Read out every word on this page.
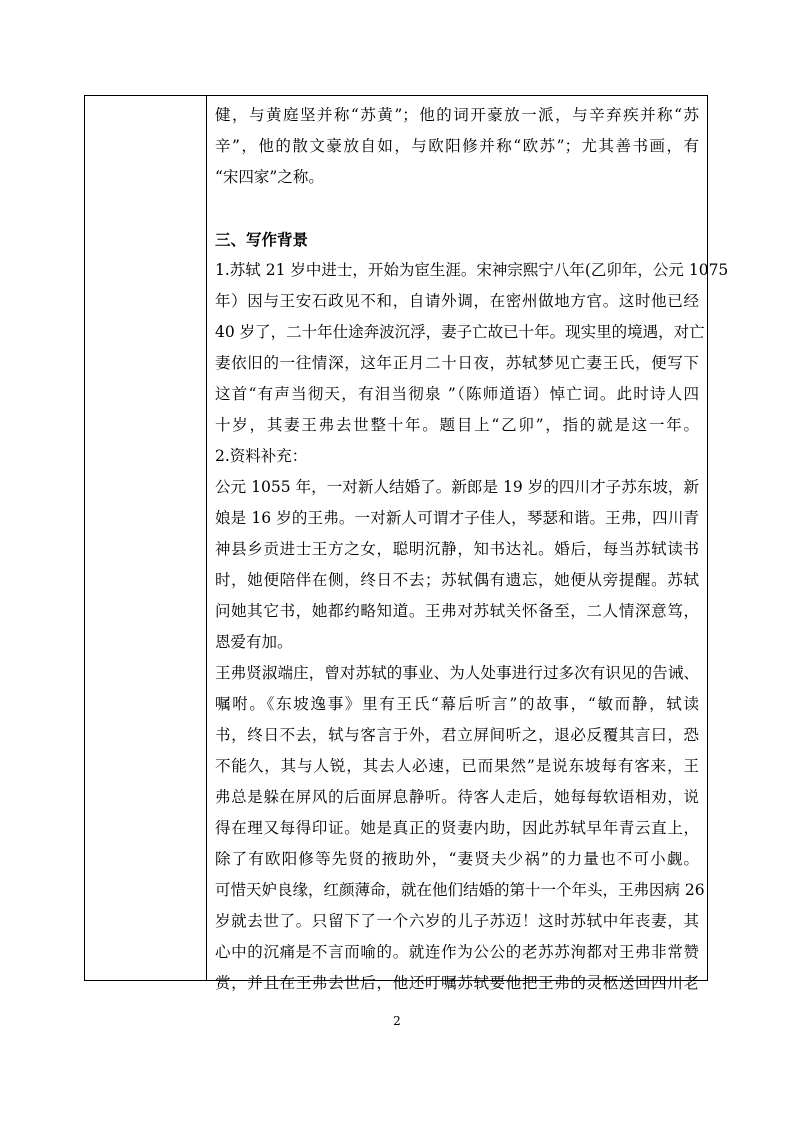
健，与黄庭坚并称“苏黄”；他的词开豪放一派，与辛弃疾并称“苏
辛”，他的散文豪放自如，与欧阳修并称“欧苏”；尤其善书画，有
“宋四家”之称。
三、写作背景
1.苏轼 21 岁中进士，开始为宦生涯。宋神宗熙宁八年(乙卯年，公元 1075
年）因与王安石政见不和，自请外调，在密州做地方官。这时他已经
40 岁了，二十年仕途奔波沉浮，妻子亡故已十年。现实里的境遇，对亡
妻依旧的一往情深，这年正月二十日夜，苏轼梦见亡妻王氏，便写下
这首“有声当彻天，有泪当彻泉 ”（陈师道语）悼亡词。此时诗人四
十岁，其妻王弗去世整十年。题目上“乙卯”，指的就是这一年。
2.资料补充：
公元 1055 年，一对新人结婚了。新郎是 19 岁的四川才子苏东坡，新
娘是 16 岁的王弗。一对新人可谓才子佳人，琴瑟和谐。王弗，四川青
神县乡贡进士王方之女，聪明沉静，知书达礼。婚后，每当苏轼读书
时，她便陪伴在侧，终日不去；苏轼偶有遗忘，她便从旁提醒。苏轼
问她其它书，她都约略知道。王弗对苏轼关怀备至，二人情深意笃，
恩爱有加。
王弗贤淑端庄，曾对苏轼的事业、为人处事进行过多次有识见的告诫、
嘱咐。《东坡逸事》里有王氏“幕后听言”的故事，“敏而静，轼读
书，终日不去，轼与客言于外，君立屏间听之，退必反覆其言曰，恐
不能久，其与人锐，其去人必速，已而果然”是说东坡每有客来，王
弗总是躲在屏风的后面屏息静听。待客人走后，她每每软语相劝，说
得在理又每得印证。她是真正的贤妻内助，因此苏轼早年青云直上，
除了有欧阳修等先贤的掖助外，“妻贤夫少祸”的力量也不可小觑。
可惜天妒良缘，红颜薄命，就在他们结婚的第十一个年头，王弗因病 26
岁就去世了。只留下了一个六岁的儿子苏迈！这时苏轼中年丧妻，其
心中的沉痛是不言而喻的。就连作为公公的老苏苏洵都对王弗非常赞
赏，并且在王弗去世后，他还叮嘱苏轼要他把王弗的灵柩送回四川老
2
